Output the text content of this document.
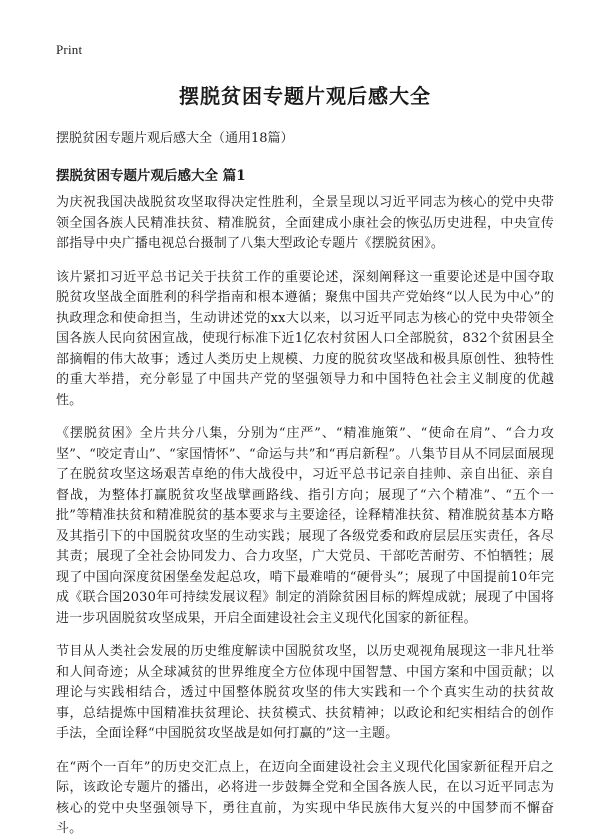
Print
摆脱贫困专题片观后感大全
摆脱贫困专题片观后感大全（通用18篇）
摆脱贫困专题片观后感大全 篇1

为庆祝我国决战脱贫攻坚取得决定性胜利，全景呈现以习近平同志为核心的党中央带领全国各族人民精准扶贫、精准脱贫，全面建成小康社会的恢弘历史进程，中央宣传部指导中央广播电视总台摄制了八集大型政论专题片《摆脱贫困》。

该片紧扣习近平总书记关于扶贫工作的重要论述，深刻阐释这一重要论述是中国夺取脱贫攻坚战全面胜利的科学指南和根本遵循；聚焦中国共产党始终“以人民为中心”的执政理念和使命担当，生动讲述党的xx大以来，以习近平同志为核心的党中央带领全国各族人民向贫困宣战，使现行标准下近1亿农村贫困人口全部脱贫，832个贫困县全部摘帽的伟大故事；透过人类历史上规模、力度的脱贫攻坚战和极具原创性、独特性的重大举措，充分彰显了中国共产党的坚强领导力和中国特色社会主义制度的优越性。

《摆脱贫困》全片共分八集，分别为“庄严”、“精准施策”、“使命在肩”、“合力攻坚”、“咬定青山”、“家国情怀”、“命运与共”和“再启新程”。八集节目从不同层面展现了在脱贫攻坚这场艰苦卓绝的伟大战役中，习近平总书记亲自挂帅、亲自出征、亲自督战，为整体打赢脱贫攻坚战擘画路线、指引方向；展现了“六个精准”、“五个一批”等精准扶贫和精准脱贫的基本要求与主要途径，诠释精准扶贫、精准脱贫基本方略及其指引下的中国脱贫攻坚的生动实践；展现了各级党委和政府层层压实责任，各尽其责；展现了全社会协同发力、合力攻坚，广大党员、干部吃苦耐劳、不怕牺牲；展现了中国向深度贫困堡垒发起总攻，啃下最难啃的“硬骨头”；展现了中国提前10年完成《联合国2030年可持续发展议程》制定的消除贫困目标的辉煌成就；展现了中国将进一步巩固脱贫攻坚成果，开启全面建设社会主义现代化国家的新征程。

节目从人类社会发展的历史维度解读中国脱贫攻坚，以历史观视角展现这一非凡壮举和人间奇迹；从全球减贫的世界维度全方位体现中国智慧、中国方案和中国贡献；以理论与实践相结合，透过中国整体脱贫攻坚的伟大实践和一个个真实生动的扶贫故事，总结提炼中国精准扶贫理论、扶贫模式、扶贫精神；以政论和纪实相结合的创作手法，全面诠释“中国脱贫攻坚战是如何打赢的”这一主题。

在“两个一百年”的历史交汇点上，在迈向全面建设社会主义现代化国家新征程开启之际，该政论专题片的播出，必将进一步鼓舞全党和全国各族人民，在以习近平同志为核心的党中央坚强领导下，勇往直前，为实现中华民族伟大复兴的中国梦而不懈奋斗。
